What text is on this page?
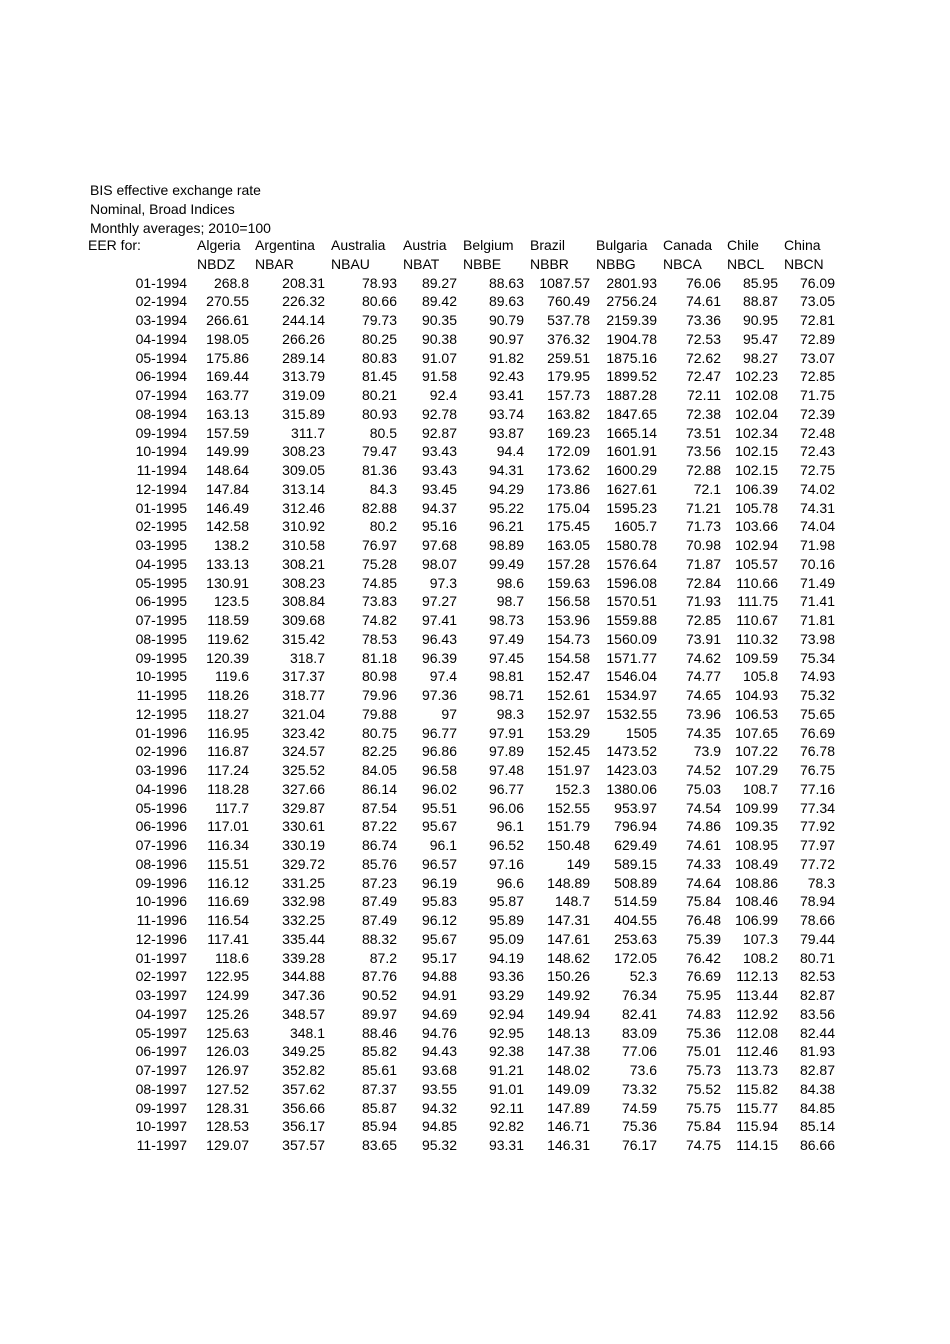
BIS effective exchange rate
Nominal, Broad Indices
Monthly averages; 2010=100
EER for:	Algeria	Argentina	Australia	Austria	Belgium	Brazil	Bulgaria	Canada	Chile	China
	NBDZ	NBAR	NBAU	NBAT	NBBE	NBBR	NBBG	NBCA	NBCL	NBCN
01-1994	268.8	208.31	78.93	89.27	88.63	1087.57	2801.93	76.06	85.95	76.09
02-1994	270.55	226.32	80.66	89.42	89.63	760.49	2756.24	74.61	88.87	73.05
03-1994	266.61	244.14	79.73	90.35	90.79	537.78	2159.39	73.36	90.95	72.81
04-1994	198.05	266.26	80.25	90.38	90.97	376.32	1904.78	72.53	95.47	72.89
05-1994	175.86	289.14	80.83	91.07	91.82	259.51	1875.16	72.62	98.27	73.07
06-1994	169.44	313.79	81.45	91.58	92.43	179.95	1899.52	72.47	102.23	72.85
07-1994	163.77	319.09	80.21	92.4	93.41	157.73	1887.28	72.11	102.08	71.75
08-1994	163.13	315.89	80.93	92.78	93.74	163.82	1847.65	72.38	102.04	72.39
09-1994	157.59	311.7	80.5	92.87	93.87	169.23	1665.14	73.51	102.34	72.48
10-1994	149.99	308.23	79.47	93.43	94.4	172.09	1601.91	73.56	102.15	72.43
11-1994	148.64	309.05	81.36	93.43	94.31	173.62	1600.29	72.88	102.15	72.75
12-1994	147.84	313.14	84.3	93.45	94.29	173.86	1627.61	72.1	106.39	74.02
01-1995	146.49	312.46	82.88	94.37	95.22	175.04	1595.23	71.21	105.78	74.31
02-1995	142.58	310.92	80.2	95.16	96.21	175.45	1605.7	71.73	103.66	74.04
03-1995	138.2	310.58	76.97	97.68	98.89	163.05	1580.78	70.98	102.94	71.98
04-1995	133.13	308.21	75.28	98.07	99.49	157.28	1576.64	71.87	105.57	70.16
05-1995	130.91	308.23	74.85	97.3	98.6	159.63	1596.08	72.84	110.66	71.49
06-1995	123.5	308.84	73.83	97.27	98.7	156.58	1570.51	71.93	111.75	71.41
07-1995	118.59	309.68	74.82	97.41	98.73	153.96	1559.88	72.85	110.67	71.81
08-1995	119.62	315.42	78.53	96.43	97.49	154.73	1560.09	73.91	110.32	73.98
09-1995	120.39	318.7	81.18	96.39	97.45	154.58	1571.77	74.62	109.59	75.34
10-1995	119.6	317.37	80.98	97.4	98.81	152.47	1546.04	74.77	105.8	74.93
11-1995	118.26	318.77	79.96	97.36	98.71	152.61	1534.97	74.65	104.93	75.32
12-1995	118.27	321.04	79.88	97	98.3	152.97	1532.55	73.96	106.53	75.65
01-1996	116.95	323.42	80.75	96.77	97.91	153.29	1505	74.35	107.65	76.69
02-1996	116.87	324.57	82.25	96.86	97.89	152.45	1473.52	73.9	107.22	76.78
03-1996	117.24	325.52	84.05	96.58	97.48	151.97	1423.03	74.52	107.29	76.75
04-1996	118.28	327.66	86.14	96.02	96.77	152.3	1380.06	75.03	108.7	77.16
05-1996	117.7	329.87	87.54	95.51	96.06	152.55	953.97	74.54	109.99	77.34
06-1996	117.01	330.61	87.22	95.67	96.1	151.79	796.94	74.86	109.35	77.92
07-1996	116.34	330.19	86.74	96.1	96.52	150.48	629.49	74.61	108.95	77.97
08-1996	115.51	329.72	85.76	96.57	97.16	149	589.15	74.33	108.49	77.72
09-1996	116.12	331.25	87.23	96.19	96.6	148.89	508.89	74.64	108.86	78.3
10-1996	116.69	332.98	87.49	95.83	95.87	148.7	514.59	75.84	108.46	78.94
11-1996	116.54	332.25	87.49	96.12	95.89	147.31	404.55	76.48	106.99	78.66
12-1996	117.41	335.44	88.32	95.67	95.09	147.61	253.63	75.39	107.3	79.44
01-1997	118.6	339.28	87.2	95.17	94.19	148.62	172.05	76.42	108.2	80.71
02-1997	122.95	344.88	87.76	94.88	93.36	150.26	52.3	76.69	112.13	82.53
03-1997	124.99	347.36	90.52	94.91	93.29	149.92	76.34	75.95	113.44	82.87
04-1997	125.26	348.57	89.97	94.69	92.94	149.94	82.41	74.83	112.92	83.56
05-1997	125.63	348.1	88.46	94.76	92.95	148.13	83.09	75.36	112.08	82.44
06-1997	126.03	349.25	85.82	94.43	92.38	147.38	77.06	75.01	112.46	81.93
07-1997	126.97	352.82	85.61	93.68	91.21	148.02	73.6	75.73	113.73	82.87
08-1997	127.52	357.62	87.37	93.55	91.01	149.09	73.32	75.52	115.82	84.38
09-1997	128.31	356.66	85.87	94.32	92.11	147.89	74.59	75.75	115.77	84.85
10-1997	128.53	356.17	85.94	94.85	92.82	146.71	75.36	75.84	115.94	85.14
11-1997	129.07	357.57	83.65	95.32	93.31	146.31	76.17	74.75	114.15	86.66
